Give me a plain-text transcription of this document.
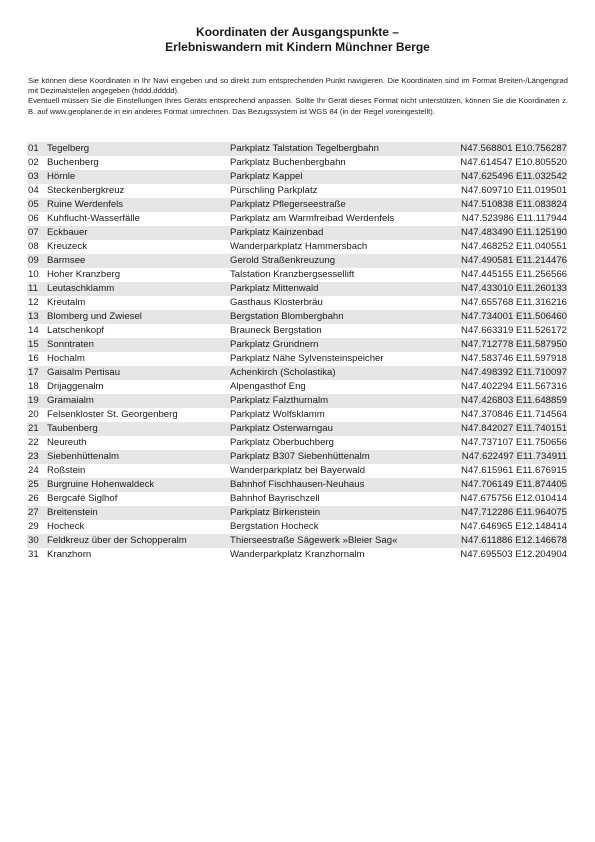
Koordinaten der Ausgangspunkte –
Erlebniswandern mit Kindern Münchner Berge

Sie können diese Koordinaten in Ihr Navi eingeben und so direkt zum entsprechenden Punkt navigieren. Die Koordinaten sind im Format Breiten-/Längengrad mit Dezimalstellen angegeben (hddd.ddddd).

Eventuell müssen Sie die Einstellungen Ihres Geräts entsprechend anpassen. Sollte Ihr Gerät dieses Format nicht unterstützen, können Sie die Koordinaten z. B. auf www.geoplaner.de in ein anderes Format umrechnen. Das Bezugssystem ist WGS 84 (in der Regel voreingestellt).

01 Tegelberg	Parkplatz Talstation Tegelbergbahn	N47.568801 E10.756287
02 Buchenberg	Parkplatz Buchenbergbahn	N47.614547 E10.805520
03 Hörnle	Parkplatz Kappel	N47.625496 E11.032542
04 Steckenbergkreuz	Pürschling Parkplatz	N47.609710 E11.019501
05 Ruine Werdenfels	Parkplatz Pflegerseestraße	N47.510838 E11.083824
06 Kuhflucht-Wasserfälle	Parkplatz am Warmfreibad Werdenfels	N47.523986 E11.117944
07 Eckbauer	Parkplatz Kainzenbad	N47.483490 E11.125190
08 Kreuzeck	Wanderparkplatz Hammersbach	N47.468252 E11.040551
09 Barmsee	Gerold Straßenkreuzung	N47.490581 E11.214476
10 Hoher Kranzberg	Talstation Kranzbergsessellift	N47.445155 E11.256566
11 Leutaschklamm	Parkplatz Mittenwald	N47.433010 E11.260133
12 Kreutalm	Gasthaus Klosterbräu	N47.655768 E11.316216
13 Blomberg und Zwiesel	Bergstation Blombergbahn	N47.734001 E11.506460
14 Latschenkopf	Brauneck Bergstation	N47.663319 E11.526172
15 Sonntraten	Parkplatz Grundnern	N47.712778 E11.587950
16 Hochalm	Parkplatz Nähe Sylvensteinspeicher	N47.583746 E11.597918
17 Gaisalm Pertisau	Achenkirch (Scholastika)	N47.498392 E11.710097
18 Drijaggenalm	Alpengasthof Eng	N47.402294 E11.567316
19 Gramaialm	Parkplatz Falzthurnalm	N47.426803 E11.648859
20 Felsenkloster St. Georgenberg	Parkplatz Wolfsklamm	N47.370846 E11.714564
21 Taubenberg	Parkplatz Osterwarngau	N47.842027 E11.740151
22 Neureuth	Parkplatz Oberbuchberg	N47.737107 E11.750656
23 Siebenhüttenalm	Parkplatz B307 Siebenhüttenalm	N47.622497 E11.734911
24 Roßstein	Wanderparkplatz bei Bayerwald	N47.615961 E11.676915
25 Burgruine Hohenwaldeck	Bahnhof Fischhausen-Neuhaus	N47.706149 E11.874405
26 Bergcafé Siglhof	Bahnhof Bayrischzell	N47.675756 E12.010414
27 Breitenstein	Parkplatz Birkenstein	N47.712286 E11.964075
29 Hocheck	Bergstation Hocheck	N47.646965 E12.148414
30 Feldkreuz über der Schopperalm	Thierseestraße Sägewerk »Bleier Sag«	N47.611886 E12.146678
31 Kranzhorn	Wanderparkplatz Kranzhornalm	N47.695503 E12.204904
